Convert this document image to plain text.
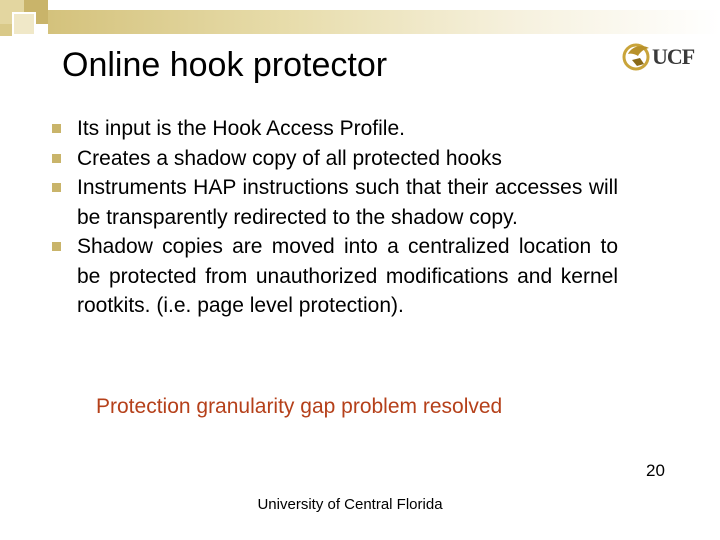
Online hook protector	UCF
Its input is the Hook Access Profile.
Creates a shadow copy of all protected hooks
Instruments HAP instructions such that their accesses will be transparently redirected to the shadow copy.
Shadow copies are moved into a centralized location to be protected from unauthorized modifications and kernel rootkits. (i.e. page level protection).
Protection granularity gap problem resolved
20
University of Central Florida
